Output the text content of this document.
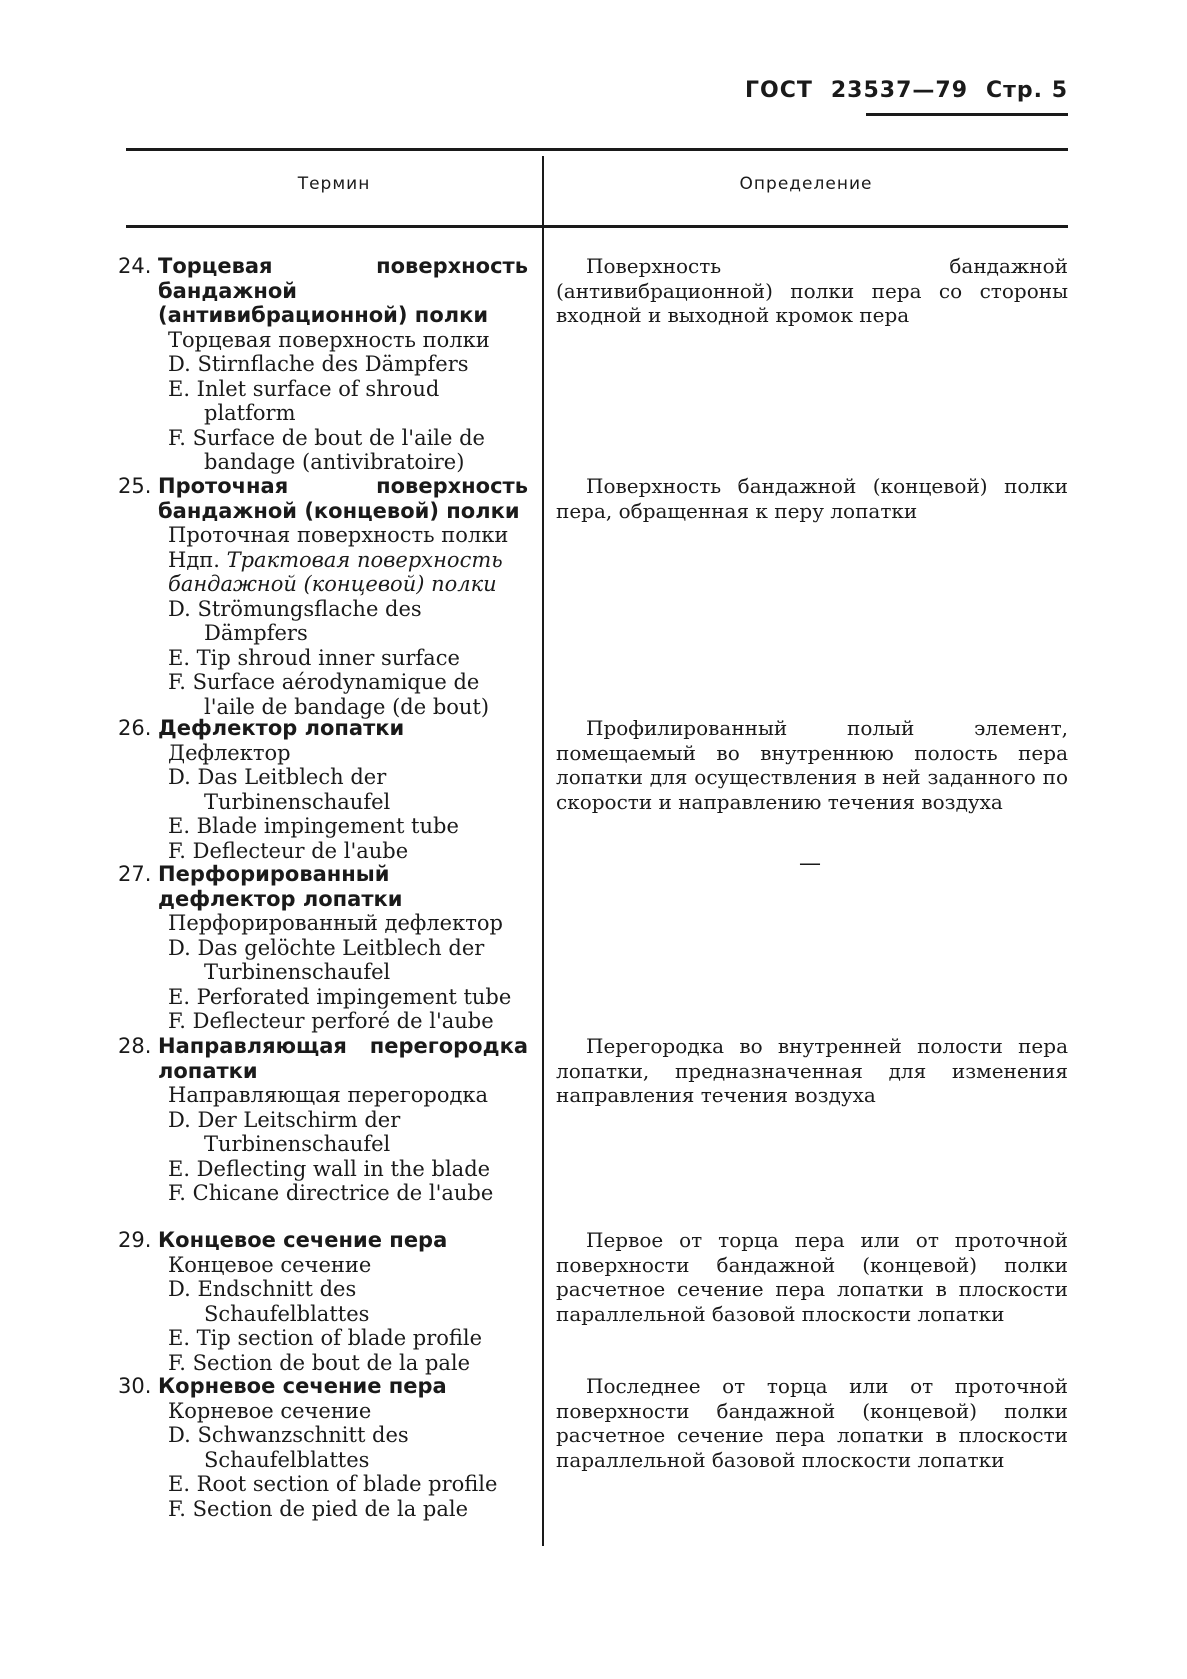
ГОСТ 23537—79 Стр. 5
Термин	Определение
24. Торцевая поверхность бандажной (антивибрационной) полки
Торцевая поверхность полки
D. Stirnflache des Dämpfers
E. Inlet surface of shroud platform
F. Surface de bout de l'aile de bandage (antivibratoire)
Поверхность бандажной (антивибрационной) полки пера со стороны входной и выходной кромок пера
25. Проточная поверхность бандажной (концевой) полки
Проточная поверхность полки
Ндп. Трактовая поверхность бандажной (концевой) полки
D. Strömungsflache des Dämpfers
E. Tip shroud inner surface
F. Surface aérodynamique de l'aile de bandage (de bout)
Поверхность бандажной (концевой) полки пера, обращенная к перу лопатки
26. Дефлектор лопатки
Дефлектор
D. Das Leitblech der Turbinenschaufel
E. Blade impingement tube
F. Deflecteur de l'aube
Профилированный полый элемент, помещаемый во внутреннюю полость пера лопатки для осуществления в ней заданного по скорости и направлению течения воздуха
27. Перфорированный дефлектор лопатки
Перфорированный дефлектор
D. Das gelöchte Leitblech der Turbinenschaufel
E. Perforated impingement tube
F. Deflecteur perforé de l'aube
—
28. Направляющая перегородка лопатки
Направляющая перегородка
D. Der Leitschirm der Turbinenschaufel
E. Deflecting wall in the blade
F. Chicane directrice de l'aube
Перегородка во внутренней полости пера лопатки, предназначенная для изменения направления течения воздуха
29. Концевое сечение пера
Концевое сечение
D. Endschnitt des Schaufelblattes
E. Tip section of blade profile
F. Section de bout de la pale
Первое от торца пера или от проточной поверхности бандажной (концевой) полки расчетное сечение пера лопатки в плоскости параллельной базовой плоскости лопатки
30. Корневое сечение пера
Корневое сечение
D. Schwanzschnitt des Schaufelblattes
E. Root section of blade profile
F. Section de pied de la pale
Последнее от торца или от проточной поверхности бандажной (концевой) полки расчетное сечение пера лопатки в плоскости параллельной базовой плоскости лопатки
